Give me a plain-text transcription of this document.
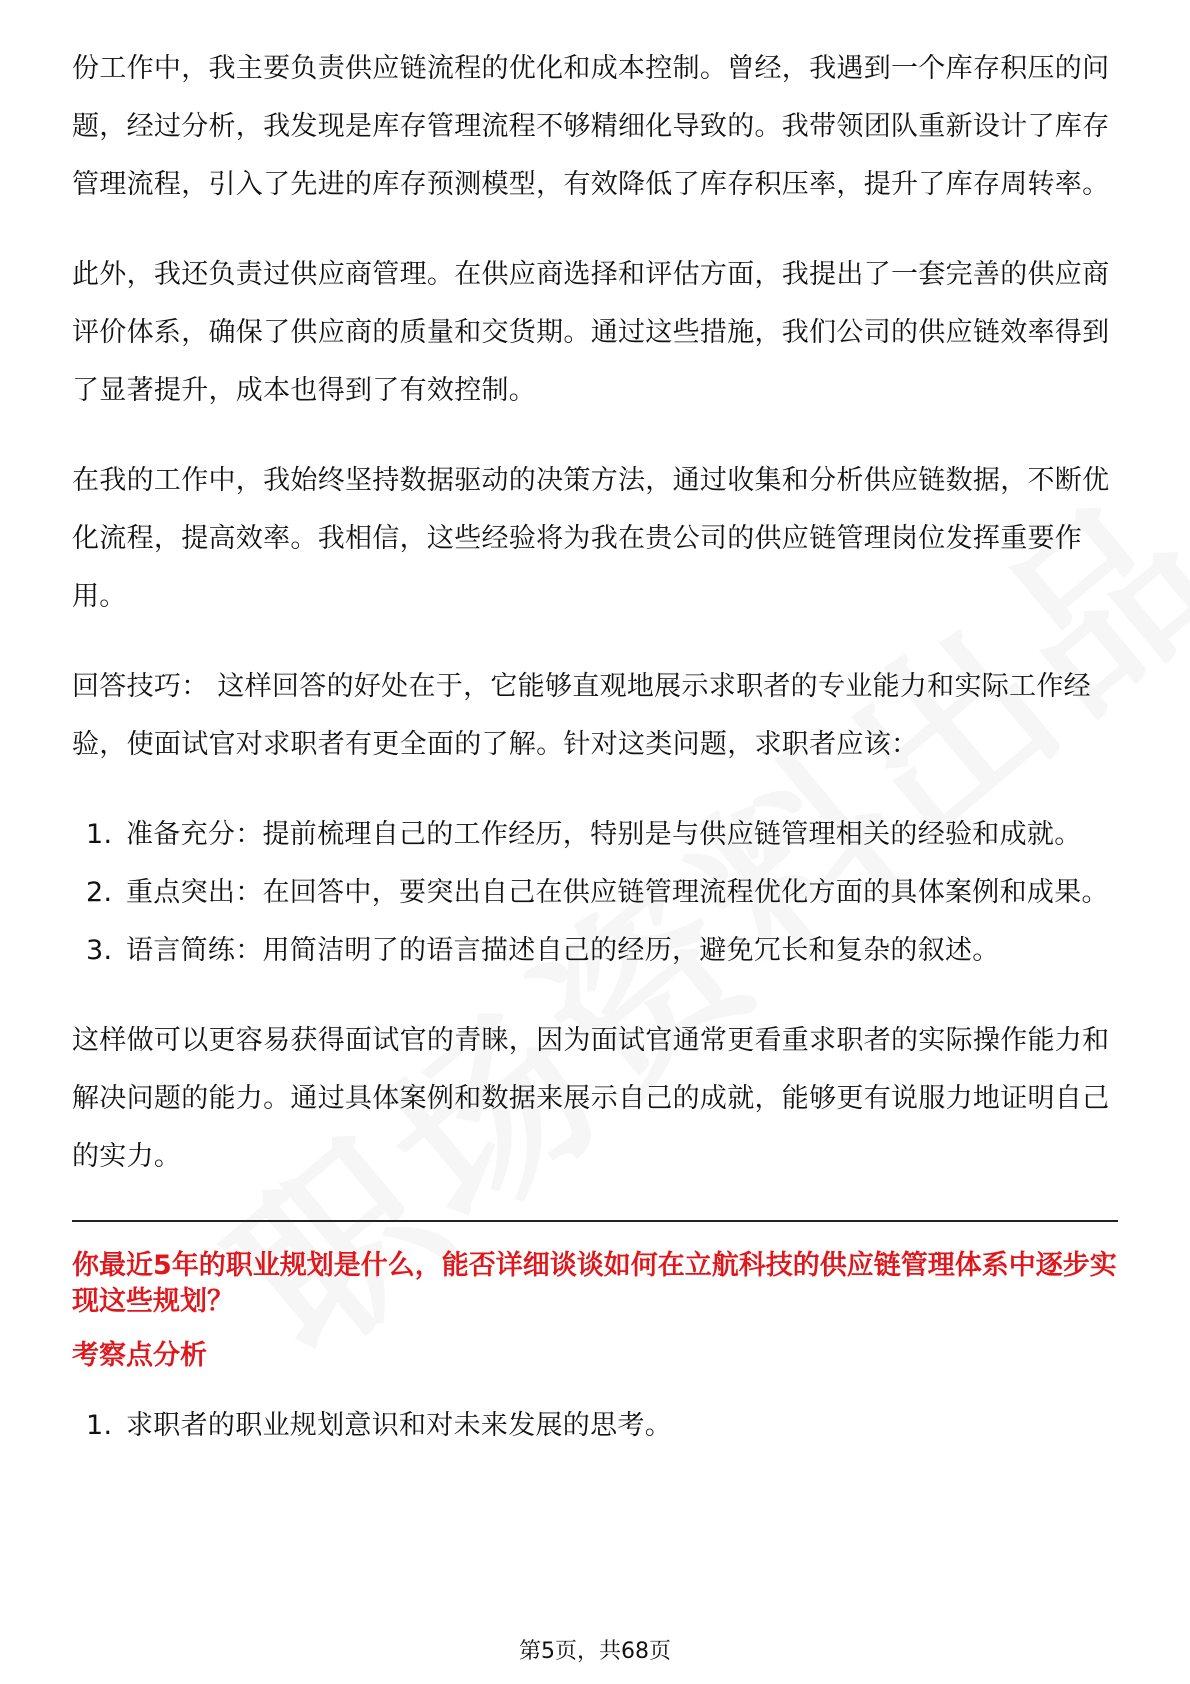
份工作中，我主要负责供应链流程的优化和成本控制。曾经，我遇到一个库存积压的问题，经过分析，我发现是库存管理流程不够精细化导致的。我带领团队重新设计了库存管理流程，引入了先进的库存预测模型，有效降低了库存积压率，提升了库存周转率。

此外，我还负责过供应商管理。在供应商选择和评估方面，我提出了一套完善的供应商评价体系，确保了供应商的质量和交货期。通过这些措施，我们公司的供应链效率得到了显著提升，成本也得到了有效控制。

在我的工作中，我始终坚持数据驱动的决策方法，通过收集和分析供应链数据，不断优化流程，提高效率。我相信，这些经验将为我在贵公司的供应链管理岗位发挥重要作用。

回答技巧： 这样回答的好处在于，它能够直观地展示求职者的专业能力和实际工作经验，使面试官对求职者有更全面的了解。针对这类问题，求职者应该：

1. 准备充分：提前梳理自己的工作经历，特别是与供应链管理相关的经验和成就。
2. 重点突出：在回答中，要突出自己在供应链管理流程优化方面的具体案例和成果。
3. 语言简练：用简洁明了的语言描述自己的经历，避免冗长和复杂的叙述。

这样做可以更容易获得面试官的青睐，因为面试官通常更看重求职者的实际操作能力和解决问题的能力。通过具体案例和数据来展示自己的成就，能够更有说服力地证明自己的实力。

你最近5年的职业规划是什么，能否详细谈谈如何在立航科技的供应链管理体系中逐步实现这些规划？
考察点分析
1. 求职者的职业规划意识和对未来发展的思考。
第5页，共68页
